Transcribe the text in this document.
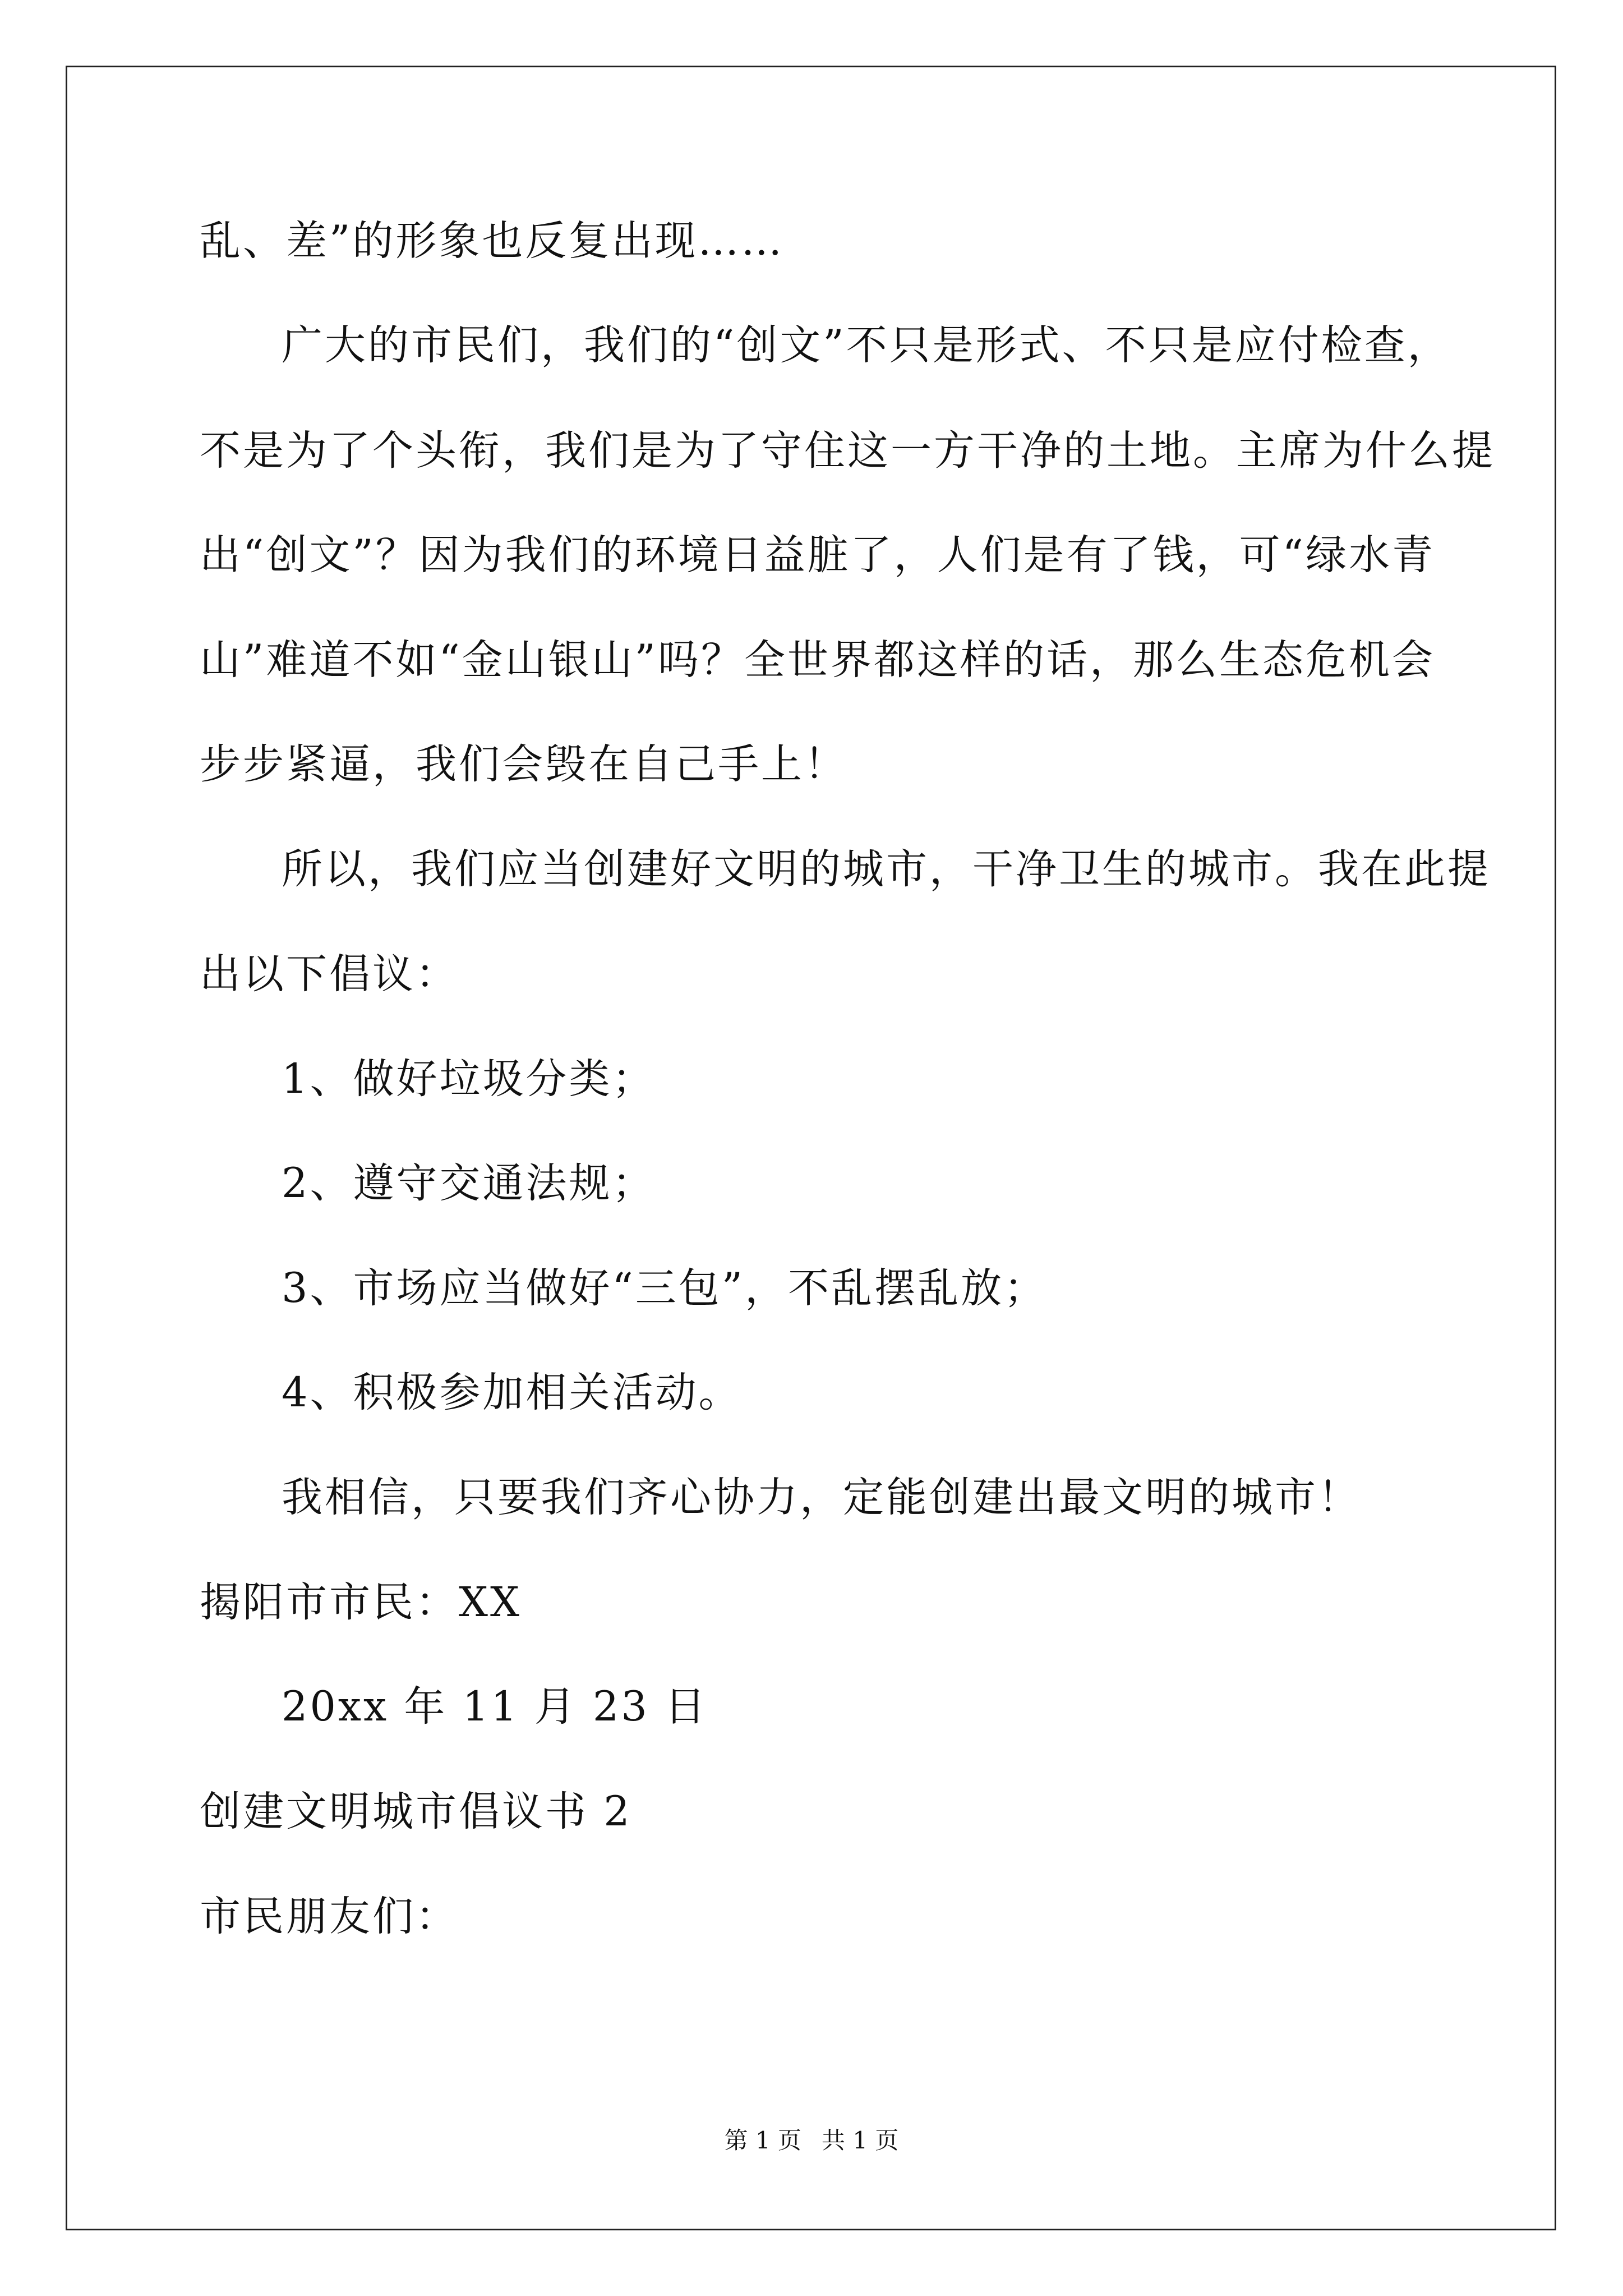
乱、差”的形象也反复出现……
广大的市民们，我们的“创文”不只是形式、不只是应付检查，
不是为了个头衔，我们是为了守住这一方干净的土地。主席为什么提
出“创文”？因为我们的环境日益脏了，人们是有了钱，可“绿水青
山”难道不如“金山银山”吗？全世界都这样的话，那么生态危机会
步步紧逼，我们会毁在自己手上！
所以，我们应当创建好文明的城市，干净卫生的城市。我在此提
出以下倡议：
1、做好垃圾分类；
2、遵守交通法规；
3、市场应当做好“三包”，不乱摆乱放；
4、积极参加相关活动。
我相信，只要我们齐心协力，定能创建出最文明的城市！
揭阳市市民：XX
20xx 年 11 月 23 日
创建文明城市倡议书 2
市民朋友们：
第 1 页 共 1 页
